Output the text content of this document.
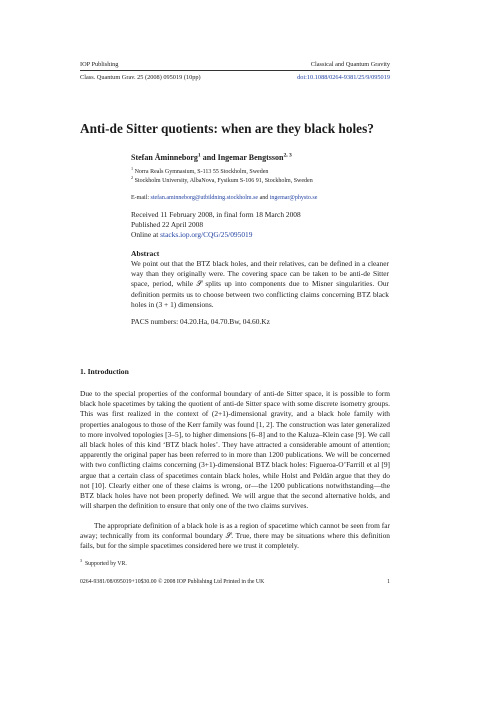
IOP Publishing	Classical and Quantum Gravity
Class. Quantum Grav. 25 (2008) 095019 (10pp)	doi:10.1088/0264-9381/25/9/095019
Anti-de Sitter quotients: when are they black holes?
Stefan Åminneborg$^1$ and Ingemar Bengtsson$^{2, 3}$
$^1$ Norra Reals Gymnasium, S-113 55 Stockholm, Sweden
$^2$ Stockholm University, AlbaNova, Fysikum S-106 91, Stockholm, Sweden
E-mail: stefan.aminneborg@utbildning.stockholm.se and ingemar@physto.se
Received 11 February 2008, in final form 18 March 2008
Published 22 April 2008
Online at stacks.iop.org/CQG/25/095019
Abstract
We point out that the BTZ black holes, and their relatives, can be defined in a cleaner way than they originally were. The covering space can be taken to be anti-de Sitter space, period, while 𝒮 splits up into components due to Misner singularities. Our definition permits us to choose between two conflicting claims concerning BTZ black holes in (3 + 1) dimensions.
PACS numbers: 04.20.Ha, 04.70.Bw, 04.60.Kz
1. Introduction
Due to the special properties of the conformal boundary of anti-de Sitter space, it is possible to form black hole spacetimes by taking the quotient of anti-de Sitter space with some discrete isometry groups. This was first realized in the context of (2+1)-dimensional gravity, and a black hole family with properties analogous to those of the Kerr family was found [1, 2]. The construction was later generalized to more involved topologies [3–5], to higher dimensions [6–8] and to the Kaluza–Klein case [9]. We call all black holes of this kind ‘BTZ black holes’. They have attracted a considerable amount of attention; apparently the original paper has been referred to in more than 1200 publications. We will be concerned with two conflicting claims concerning (3+1)-dimensional BTZ black holes: Figueroa-O’Farrill et al [9] argue that a certain class of spacetimes contain black holes, while Holst and Peldán argue that they do not [10]. Clearly either one of these claims is wrong, or—the 1200 publications notwithstanding—the BTZ black holes have not been properly defined. We will argue that the second alternative holds, and will sharpen the definition to ensure that only one of the two claims survives.
The appropriate definition of a black hole is as a region of spacetime which cannot be seen from far away; technically from its conformal boundary 𝒮. True, there may be situations where this definition fails, but for the simple spacetimes considered here we trust it completely.
$^3$  Supported by VR.
0264-9381/08/095019+10$30.00 © 2008 IOP Publishing Ltd Printed in the UK	1
